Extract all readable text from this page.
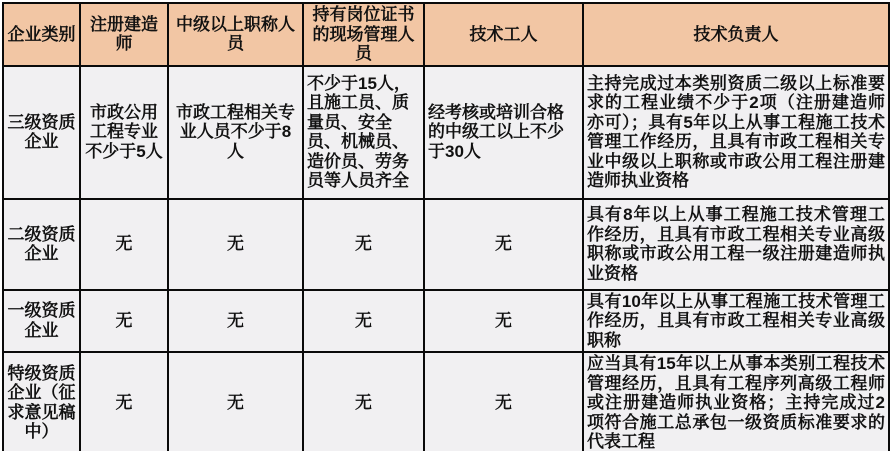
企业类别	注册建造师	中级以上职称人员	持有岗位证书的现场管理人员	技术工人	技术负责人
三级资质企业	市政公用工程专业不少于5人	市政工程相关专业人员不少于8人	不少于15人，且施工员、质量员、安全员、机械员、造价员、劳务员等人员齐全	经考核或培训合格的中级工以上不少于30人	主持完成过本类别资质二级以上标准要求的工程业绩不少于2项（注册建造师亦可）；具有5年以上从事工程施工技术管理工作经历，且具有市政工程相关专业中级以上职称或市政公用工程注册建造师执业资格
二级资质企业	无	无	无	无	具有8年以上从事工程施工技术管理工作经历，且具有市政工程相关专业高级职称或市政公用工程一级注册建造师执业资格
一级资质企业	无	无	无	无	具有10年以上从事工程施工技术管理工作经历，且具有市政工程相关专业高级职称
特级资质企业（征求意见稿中）	无	无	无	无	应当具有15年以上从事本类别工程技术管理经历，且具有工程序列高级工程师或注册建造师执业资格；主持完成过2项符合施工总承包一级资质标准要求的代表工程
